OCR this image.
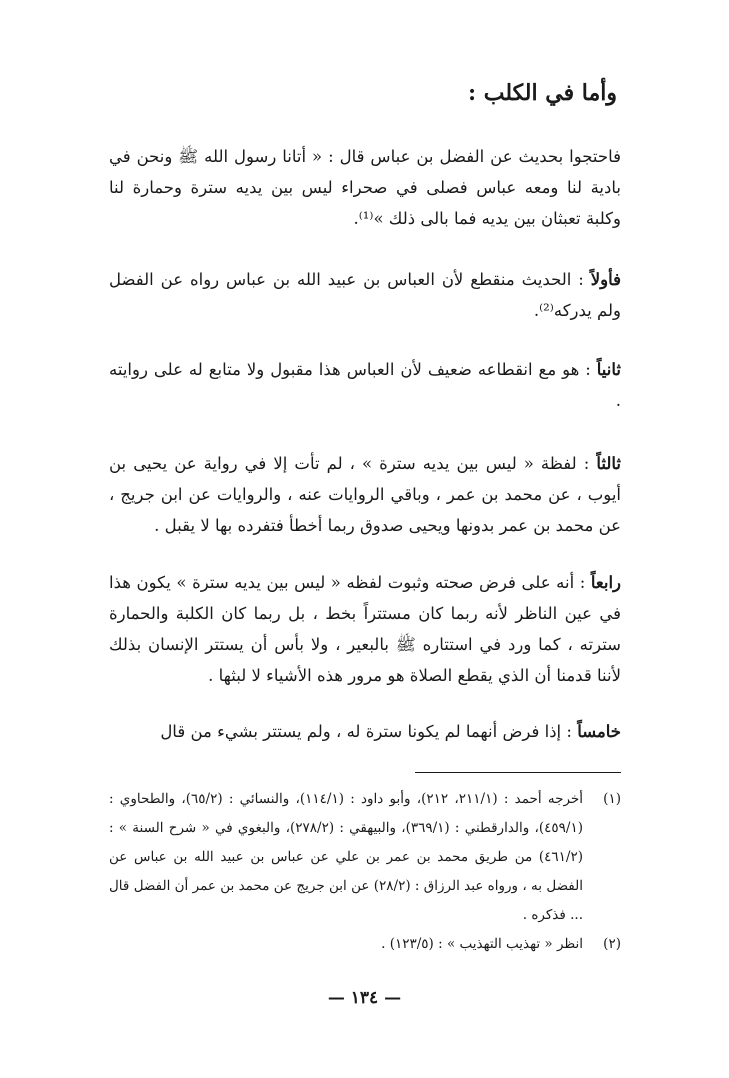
وأما في الكلب :

فاحتجوا بحديث عن الفضل بن عباس قال : « أتانا رسول الله ﷺ ونحن في بادية لنا ومعه عباس فصلى في صحراء ليس بين يديه سترة وحمارة لنا وكلبة تعبثان بين يديه فما بالى ذلك »⁽¹⁾.

فأولاً : الحديث منقطع لأن العباس بن عبيد الله بن عباس رواه عن الفضل ولم يدركه⁽²⁾.

ثانياً : هو مع انقطاعه ضعيف لأن العباس هذا مقبول ولا متابع له على روايته .

ثالثاً : لفظة « ليس بين يديه سترة » ، لم تأت إلا في رواية عن يحيى بن أيوب ، عن محمد بن عمر ، وباقي الروايات عنه ، والروايات عن ابن جريج ، عن محمد بن عمر بدونها ويحيى صدوق ربما أخطأ فتفرده بها لا يقبل .

رابعاً : أنه على فرض صحته وثبوت لفظه « ليس بين يديه سترة » يكون هذا في عين الناظر لأنه ربما كان مستتراً بخط ، بل ربما كان الكلبة والحمارة سترته ، كما ورد في استتاره ﷺ بالبعير ، ولا بأس أن يستتر الإنسان بذلك لأننا قدمنا أن الذي يقطع الصلاة هو مرور هذه الأشياء لا لبثها .

خامساً : إذا فرض أنهما لم يكونا سترة له ، ولم يستتر بشيء من قال

(١)
أخرجه أحمد : (٢١١/١، ٢١٢)، وأبو داود : (١١٤/١)، والنسائي : (٦٥/٢)، والطحاوي : (٤٥٩/١)، والدارقطني : (٣٦٩/١)، والبيهقي : (٢٧٨/٢)، والبغوي في « شرح السنة » : (٤٦١/٢) من طريق محمد بن عمر بن علي عن عباس بن عبيد الله بن عباس عن الفضل به ، ورواه عبد الرزاق : (٢٨/٢) عن ابن جريج عن محمد بن عمر أن الفضل قال ... فذكره .
(٢)
انظر « تهذيب التهذيب » : (١٢٣/٥) .
— ١٣٤ —
